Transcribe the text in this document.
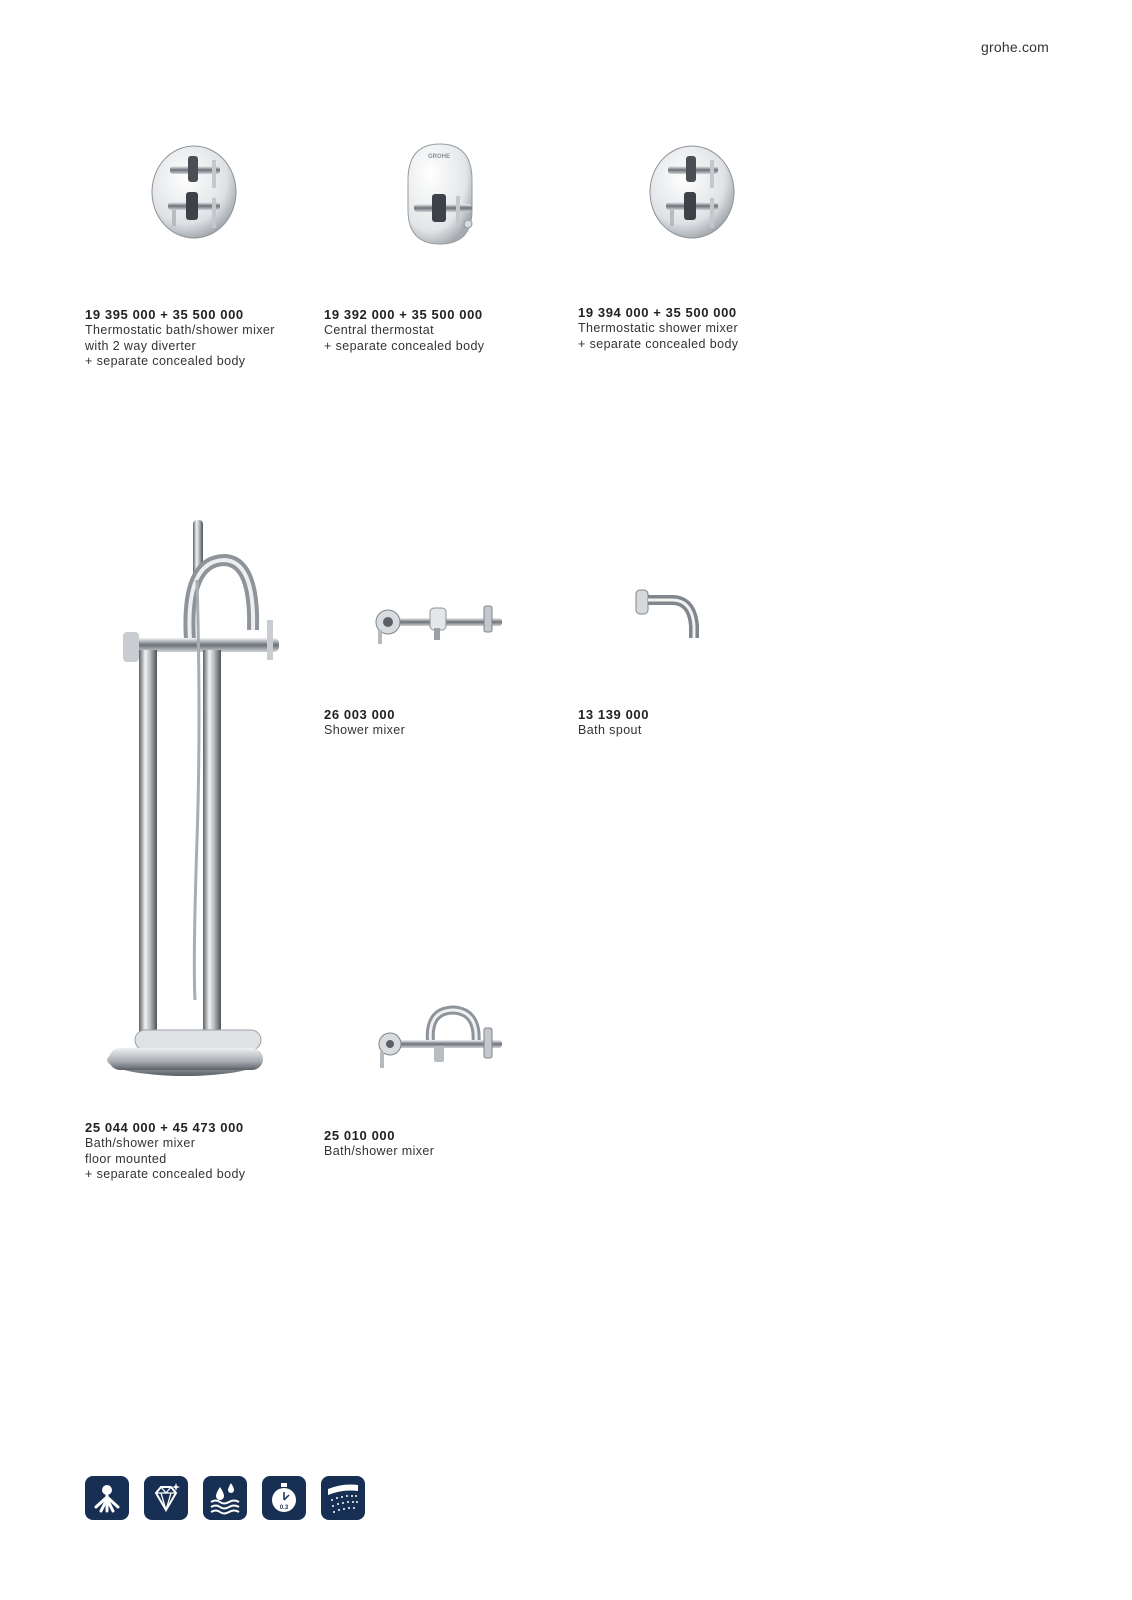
grohe.com
19 395 000 + 35 500 000
Thermostatic bath/shower mixer
with 2 way diverter
+ separate concealed body
GROHE
19 392 000 + 35 500 000
Central thermostat
+ separate concealed body
19 394 000 + 35 500 000
Thermostatic shower mixer
+ separate concealed body
25 044 000 + 45 473 000
Bath/shower mixer
floor mounted
+ separate concealed body
26 003 000
Shower mixer
13 139 000
Bath spout
25 010 000
Bath/shower mixer
0.3
